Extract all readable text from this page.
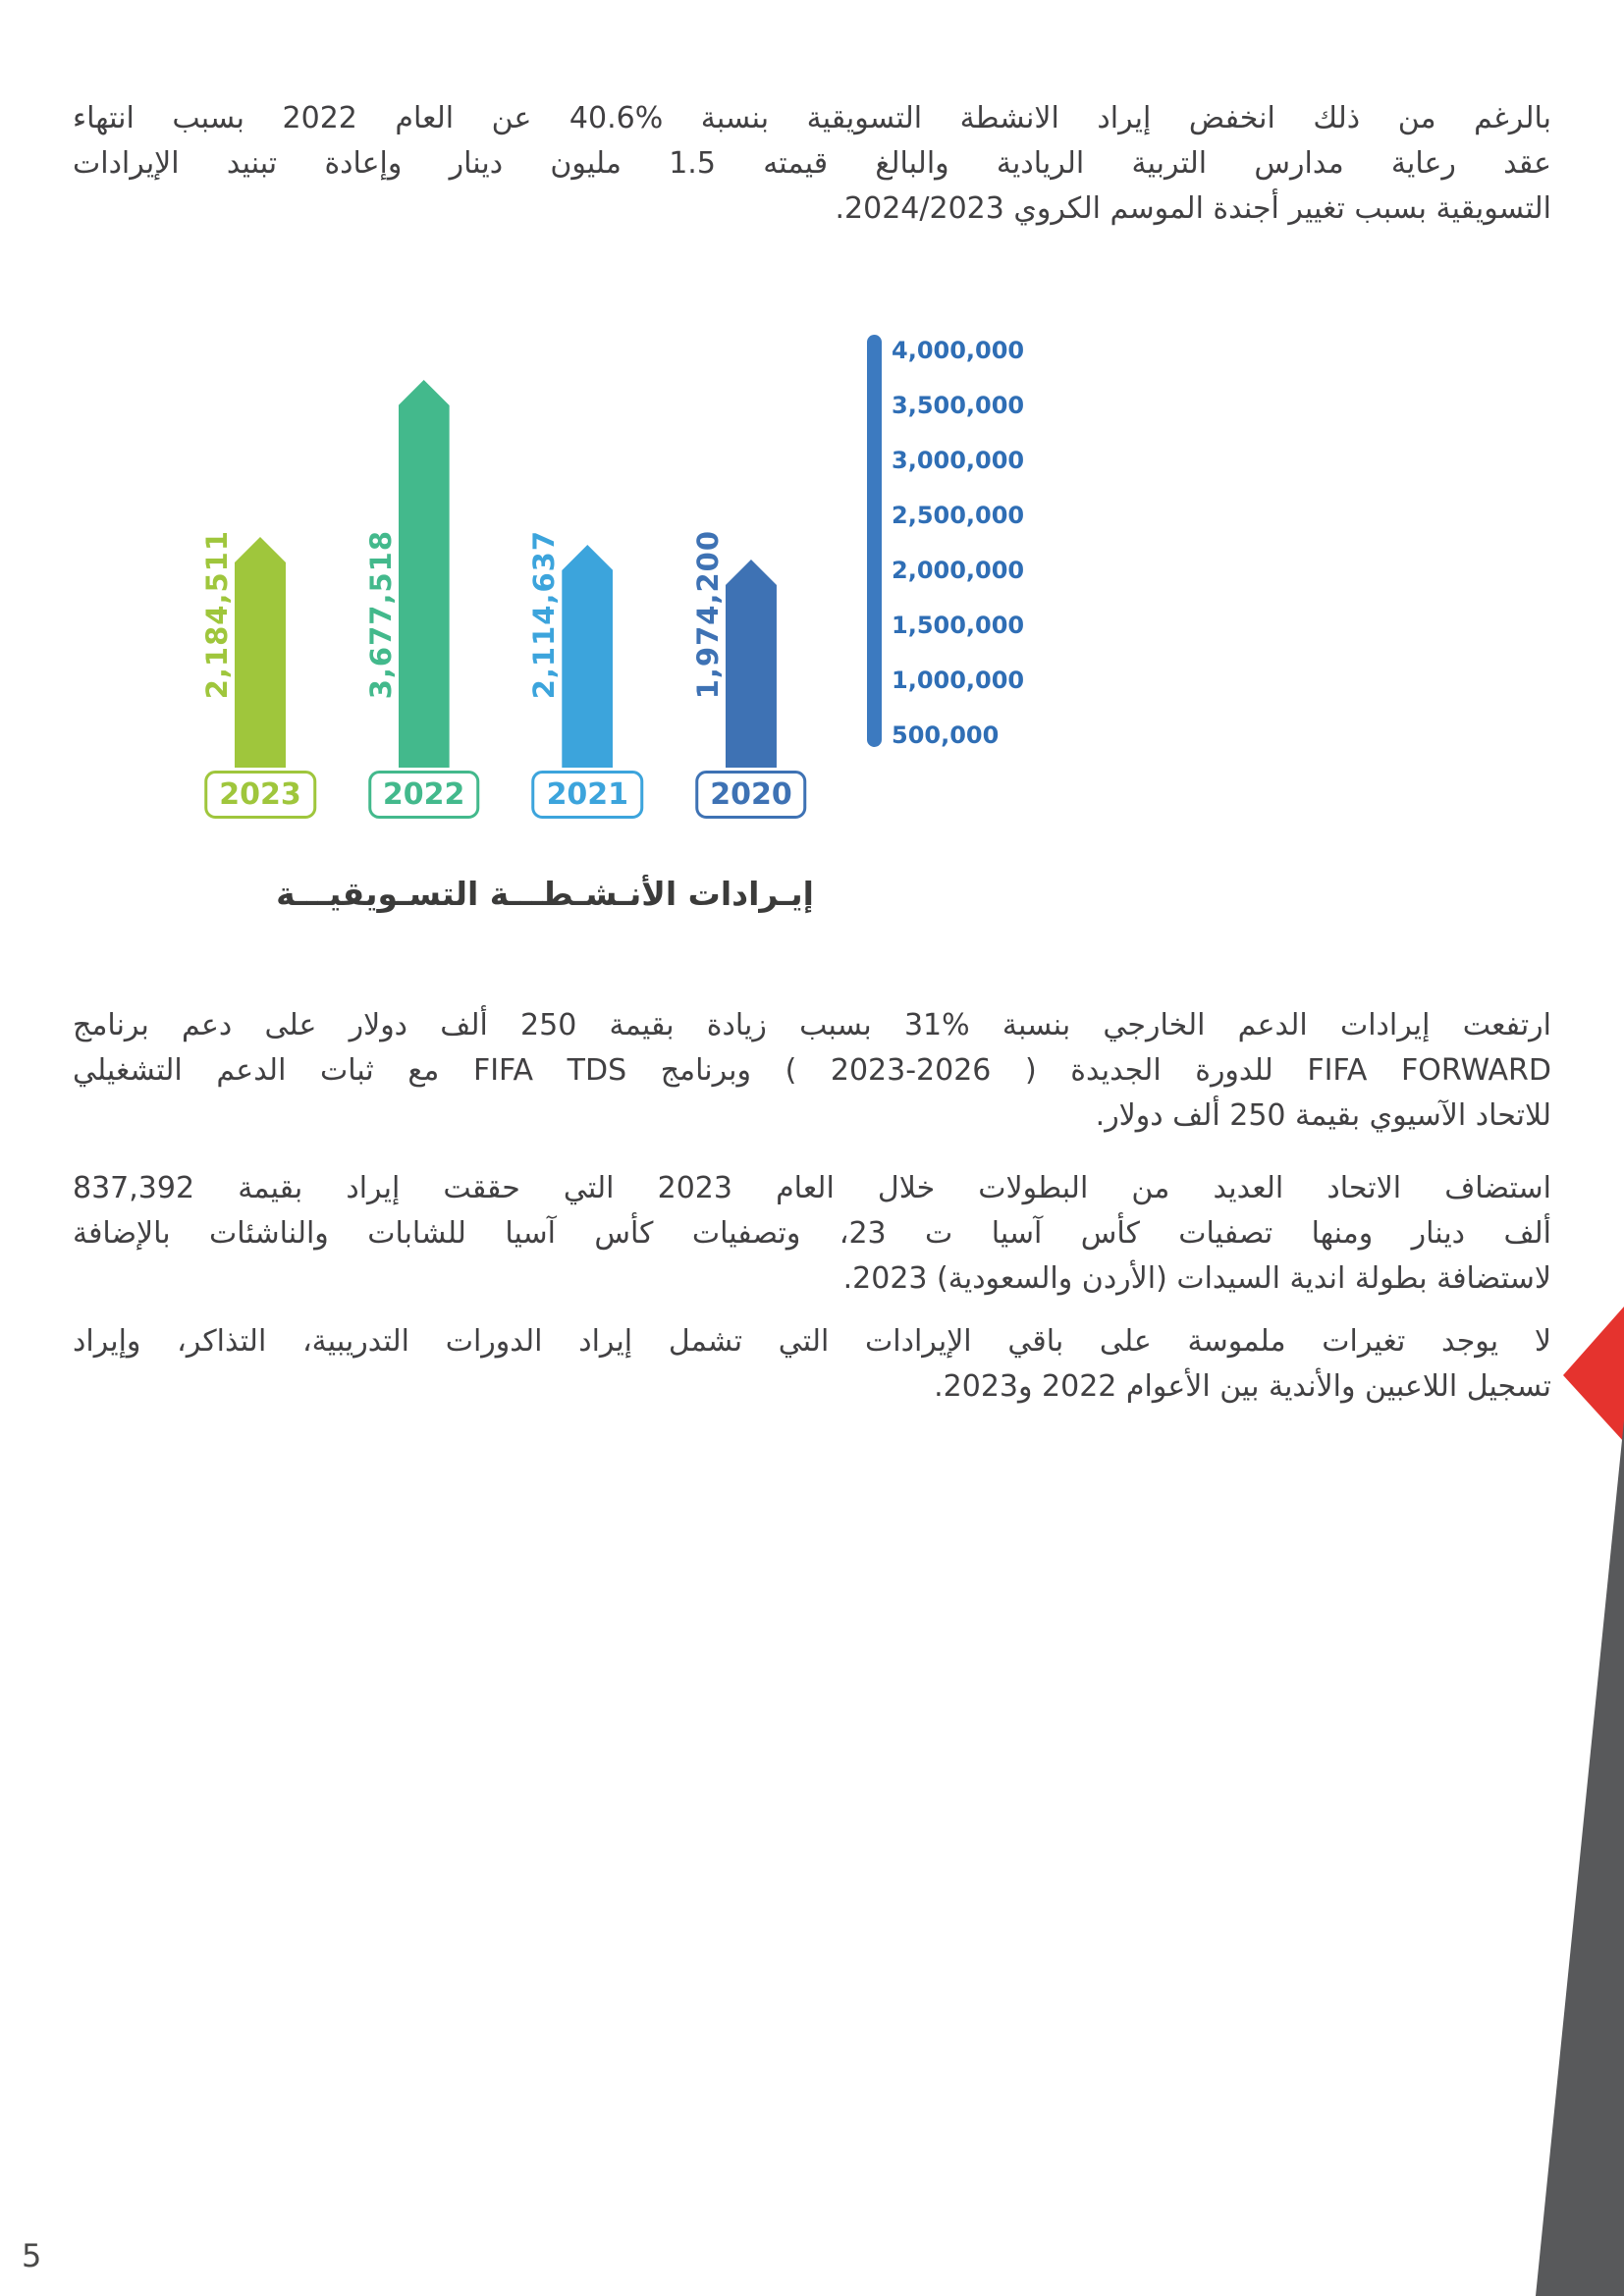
بالرغم من ذلك انخفض إيراد الانشطة التسويقية بنسبة %40.6 عن العام 2022 بسبب انتهاء
عقد رعاية مدارس التربية الريادية والبالغ قيمته 1.5 مليون دينار وإعادة تبنيد الإيرادات
التسويقية بسبب تغيير أجندة الموسم الكروي 2024/2023.

2,184,511
2023
3,677,518
2022
2,114,637
2021
1,974,200
2020
4,000,000
3,500,000
3,000,000
2,500,000
2,000,000
1,500,000
1,000,000
500,000
إيـرادات الأنـشـطـــة التسـويقيـــة

ارتفعت إيرادات الدعم الخارجي بنسبة %31 بسبب زيادة بقيمة 250 ألف دولار على دعم برنامج
FIFA FORWARD للدورة الجديدة ( 2026-2023 ) وبرنامج FIFA TDS مع ثبات الدعم التشغيلي
للاتحاد الآسيوي بقيمة 250 ألف دولار.

استضاف الاتحاد العديد من البطولات خلال العام 2023 التي حققت إيراد بقيمة 837,392
ألف دينار ومنها تصفيات كأس آسيا ت 23، وتصفيات كأس آسيا للشابات والناشئات بالإضافة
لاستضافة بطولة اندية السيدات (الأردن والسعودية) 2023.

لا يوجد تغيرات ملموسة على باقي الإيرادات التي تشمل إيراد الدورات التدريبية، التذاكر، وإيراد
تسجيل اللاعبين والأندية بين الأعوام 2022 و2023.

5
